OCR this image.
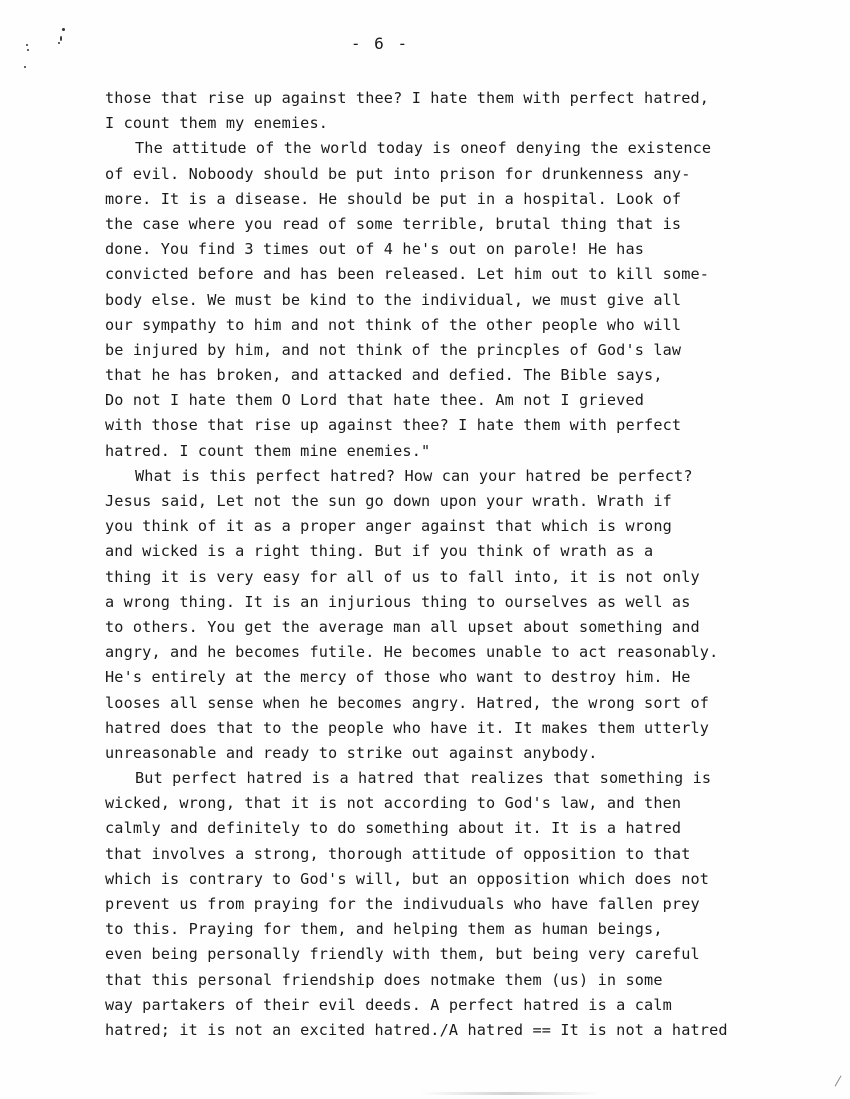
- 6 -
those that rise up against thee? I hate them with perfect hatred,
I count them my enemies.
The attitude of the world today is oneof denying the existence
of evil. Noboody should be put into prison for drunkenness any-
more. It is a disease. He should be put in a hospital. Look of
the case where you read of some terrible, brutal thing that is
done. You find 3 times out of 4 he's out on parole! He has
convicted before and has been released. Let him out to kill some-
body else. We must be kind to the individual, we must give all
our sympathy to him and not think of the other people who will
be injured by him, and not think of the princples of God's law
that he has broken, and attacked and defied. The Bible says,
Do not I hate them O Lord that hate thee. Am not I grieved
with those that rise up against thee? I hate them with perfect
hatred. I count them mine enemies."
What is this perfect hatred? How can your hatred be perfect?
Jesus said, Let not the sun go down upon your wrath. Wrath if
you think of it as a proper anger against that which is wrong
and wicked is a right thing. But if you think of wrath as a
thing it is very easy for all of us to fall into, it is not only
a wrong thing. It is an injurious thing to ourselves as well as
to others. You get the average man all upset about something and
angry, and he becomes futile. He becomes unable to act reasonably.
He's entirely at the mercy of those who want to destroy him. He
looses all sense when he becomes angry. Hatred, the wrong sort of
hatred does that to the people who have it. It makes them utterly
unreasonable and ready to strike out against anybody.
But perfect hatred is a hatred that realizes that something is
wicked, wrong, that it is not according to God's law, and then
calmly and definitely to do something about it. It is a hatred
that involves a strong, thorough attitude of opposition to that
which is contrary to God's will, but an opposition which does not
prevent us from praying for the indivuduals who have fallen prey
to this. Praying for them, and helping them as human beings,
even being personally friendly with them, but being very careful
that this personal friendship does notmake them (us) in some
way partakers of their evil deeds. A perfect hatred is a calm
hatred; it is not an excited hatred./A hatred == It is not a hatred
